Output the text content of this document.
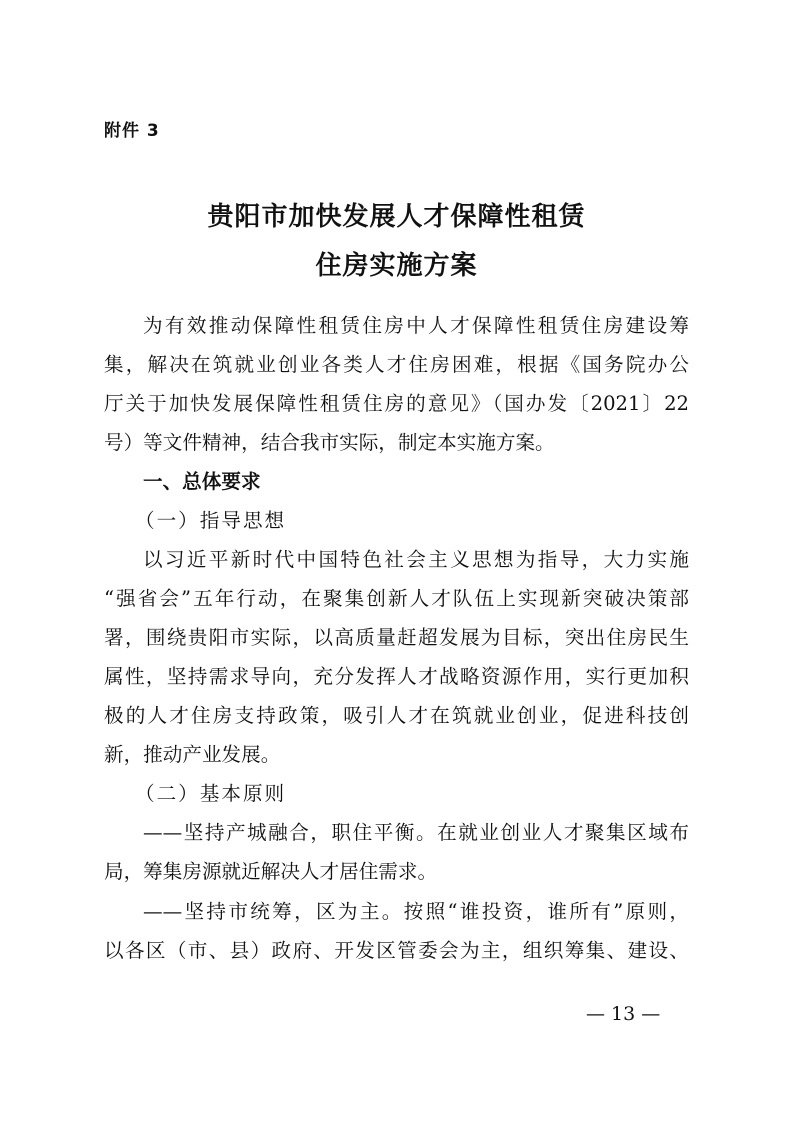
附件 3
贵阳市加快发展人才保障性租赁
住房实施方案
为有效推动保障性租赁住房中人才保障性租赁住房建设筹
集，解决在筑就业创业各类人才住房困难，根据《国务院办公
厅关于加快发展保障性租赁住房的意见》（国办发〔2021〕22
号）等文件精神，结合我市实际，制定本实施方案。
一、总体要求
（一）指导思想
以习近平新时代中国特色社会主义思想为指导，大力实施
“强省会”五年行动，在聚集创新人才队伍上实现新突破决策部
署，围绕贵阳市实际，以高质量赶超发展为目标，突出住房民生
属性，坚持需求导向，充分发挥人才战略资源作用，实行更加积
极的人才住房支持政策，吸引人才在筑就业创业，促进科技创
新，推动产业发展。
（二）基本原则
——坚持产城融合，职住平衡。在就业创业人才聚集区域布
局，筹集房源就近解决人才居住需求。
——坚持市统筹，区为主。按照“谁投资，谁所有”原则，
以各区（市、县）政府、开发区管委会为主，组织筹集、建设、
— 13 —
